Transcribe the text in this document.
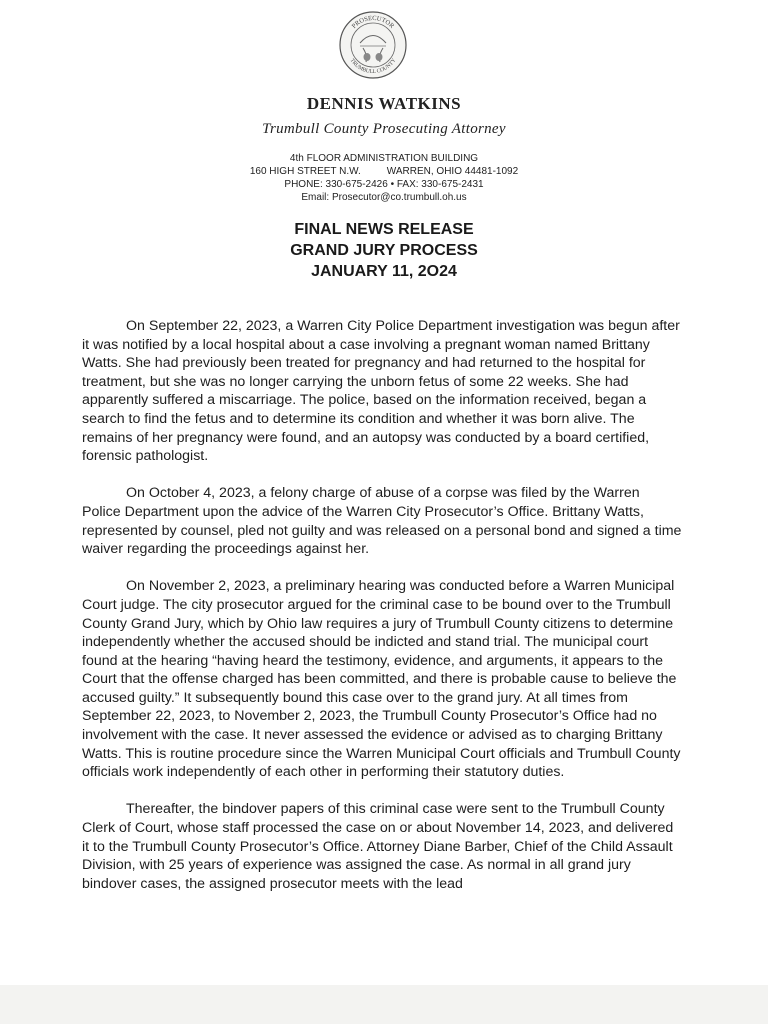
PROSECUTOR
TRUMBULL COUNTY
DENNIS WATKINS
Trumbull County Prosecuting Attorney
4th FLOOR ADMINISTRATION BUILDING
160 HIGH STREET N.W.	WARREN, OHIO 44481-1092
PHONE: 330-675-2426 • FAX: 330-675-2431
Email: Prosecutor@co.trumbull.oh.us
FINAL NEWS RELEASE
GRAND JURY PROCESS
JANUARY 11, 2O24

On September 22, 2023, a Warren City Police Department investigation was begun after it was notified by a local hospital about a case involving a pregnant woman named Brittany Watts. She had previously been treated for pregnancy and had returned to the hospital for treatment, but she was no longer carrying the unborn fetus of some 22 weeks. She had apparently suffered a miscarriage. The police, based on the information received, began a search to find the fetus and to determine its condition and whether it was born alive. The remains of her pregnancy were found, and an autopsy was conducted by a board certified, forensic pathologist.

On October 4, 2023, a felony charge of abuse of a corpse was filed by the Warren Police Department upon the advice of the Warren City Prosecutor’s Office. Brittany Watts, represented by counsel, pled not guilty and was released on a personal bond and signed a time waiver regarding the proceedings against her.

On November 2, 2023, a preliminary hearing was conducted before a Warren Municipal Court judge. The city prosecutor argued for the criminal case to be bound over to the Trumbull County Grand Jury, which by Ohio law requires a jury of Trumbull County citizens to determine independently whether the accused should be indicted and stand trial. The municipal court found at the hearing “having heard the testimony, evidence, and arguments, it appears to the Court that the offense charged has been committed, and there is probable cause to believe the accused guilty.” It subsequently bound this case over to the grand jury. At all times from September 22, 2023, to November 2, 2023, the Trumbull County Prosecutor’s Office had no involvement with the case. It never assessed the evidence or advised as to charging Brittany Watts. This is routine procedure since the Warren Municipal Court officials and Trumbull County officials work independently of each other in performing their statutory duties.

Thereafter, the bindover papers of this criminal case were sent to the Trumbull County Clerk of Court, whose staff processed the case on or about November 14, 2023, and delivered it to the Trumbull County Prosecutor’s Office. Attorney Diane Barber, Chief of the Child Assault Division, with 25 years of experience was assigned the case. As normal in all grand jury bindover cases, the assigned prosecutor meets with the lead
